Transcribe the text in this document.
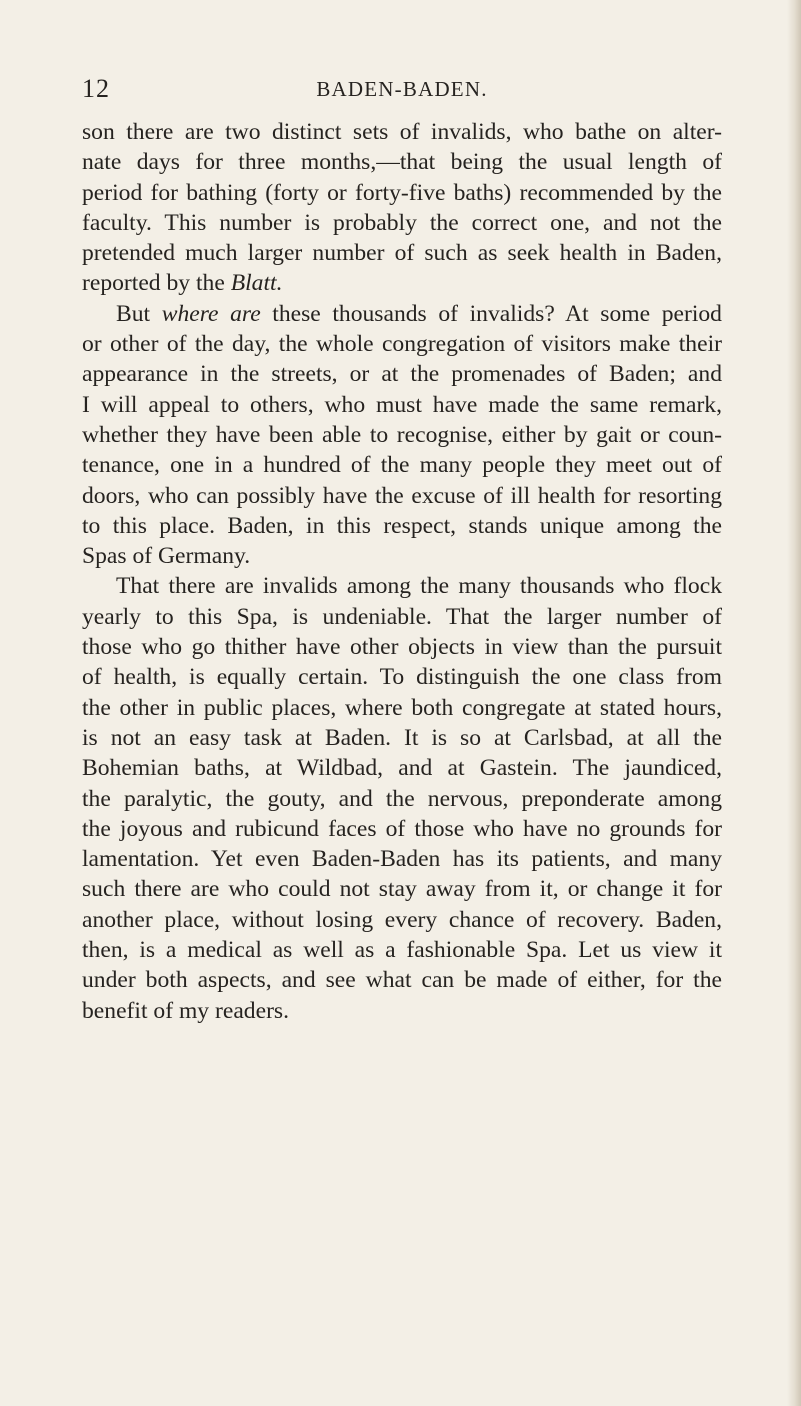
12	BADEN-BADEN.
son there are two distinct sets of invalids, who bathe on alter-
nate days for three months,—that being the usual length of
period for bathing (forty or forty-five baths) recommended by the
faculty. This number is probably the correct one, and not the
pretended much larger number of such as seek health in Baden,
reported by the Blatt.
But where are these thousands of invalids? At some period
or other of the day, the whole congregation of visitors make their
appearance in the streets, or at the promenades of Baden; and
I will appeal to others, who must have made the same remark,
whether they have been able to recognise, either by gait or coun-
tenance, one in a hundred of the many people they meet out of
doors, who can possibly have the excuse of ill health for resorting
to this place. Baden, in this respect, stands unique among the
Spas of Germany.
That there are invalids among the many thousands who flock
yearly to this Spa, is undeniable. That the larger number of
those who go thither have other objects in view than the pursuit
of health, is equally certain. To distinguish the one class from
the other in public places, where both congregate at stated hours,
is not an easy task at Baden. It is so at Carlsbad, at all the
Bohemian baths, at Wildbad, and at Gastein. The jaundiced,
the paralytic, the gouty, and the nervous, preponderate among
the joyous and rubicund faces of those who have no grounds for
lamentation. Yet even Baden-Baden has its patients, and many
such there are who could not stay away from it, or change it for
another place, without losing every chance of recovery. Baden,
then, is a medical as well as a fashionable Spa. Let us view it
under both aspects, and see what can be made of either, for the
benefit of my readers.
